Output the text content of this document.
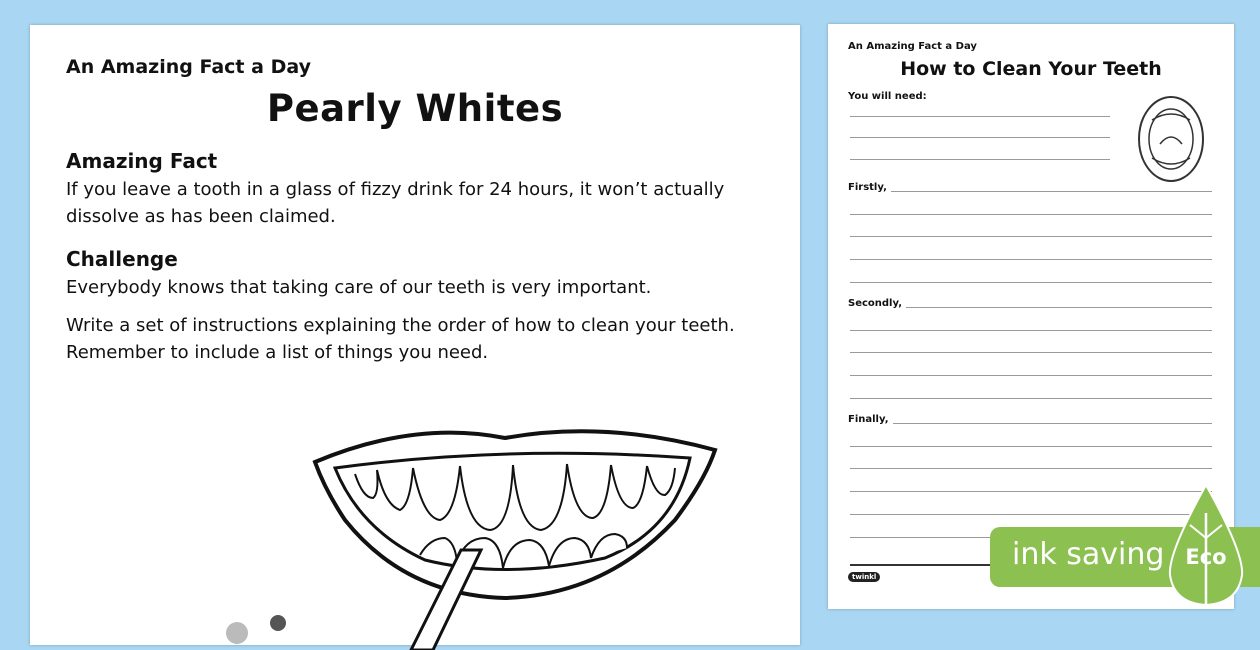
An Amazing Fact a Day
Pearly Whites
Amazing Fact
If you leave a tooth in a glass of fizzy drink for 24 hours, it won’t actually dissolve as has been claimed.
Challenge
Everybody knows that taking care of our teeth is very important.
Write a set of instructions explaining the order of how to clean your teeth. Remember to include a list of things you need.
An Amazing Fact a Day
How to Clean Your Teeth
You will need:
Firstly,
Secondly,
Finally,
twinkl
ink saving Eco
